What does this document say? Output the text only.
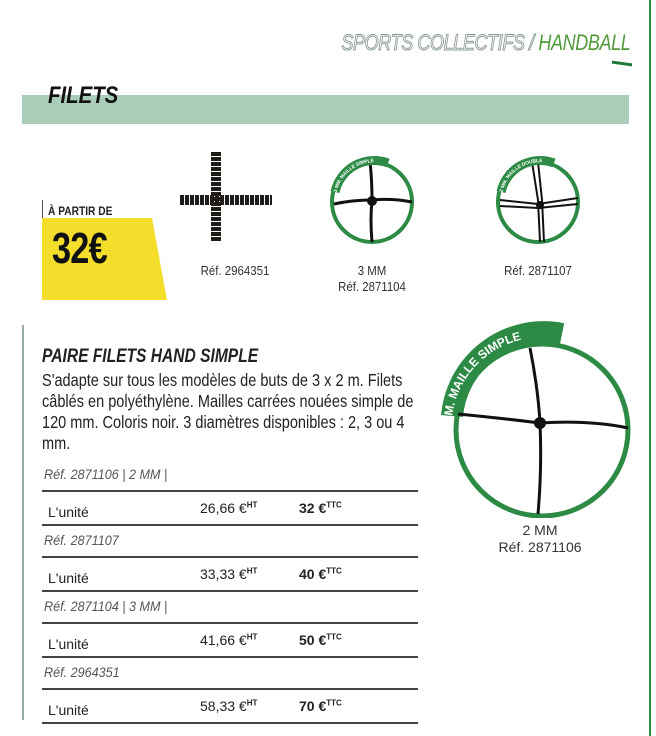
SPORTS COLLECTIFS / HANDBALL
FILETS
À PARTIR DE
32€	Réf. 2964351
3 MM. MAILLE SIMPLE
3 MM
Réf. 2871104
2 MM. MAILLE DOUBLE
Réf. 2871107
PAIRE FILETS HAND SIMPLE
S'adapte sur tous les modèles de buts de 3 x 2 m. Filets câblés en polyéthylène. Mailles carrées nouées simple de 120 mm. Coloris noir. 3 diamètres disponibles : 2, 3 ou 4 mm.
Réf. 2871106 | 2 MM |
L'unité	26,66 €$^{HT}$	32 €$^{TTC}$
Réf. 2871107
L'unité	33,33 €$^{HT}$	40 €$^{TTC}$
Réf. 2871104 | 3 MM |
L'unité	41,66 €$^{HT}$	50 €$^{TTC}$
Réf. 2964351
L'unité	58,33 €$^{HT}$	70 €$^{TTC}$
2 MM. MAILLE SIMPLE
2 MM
Réf. 2871106
